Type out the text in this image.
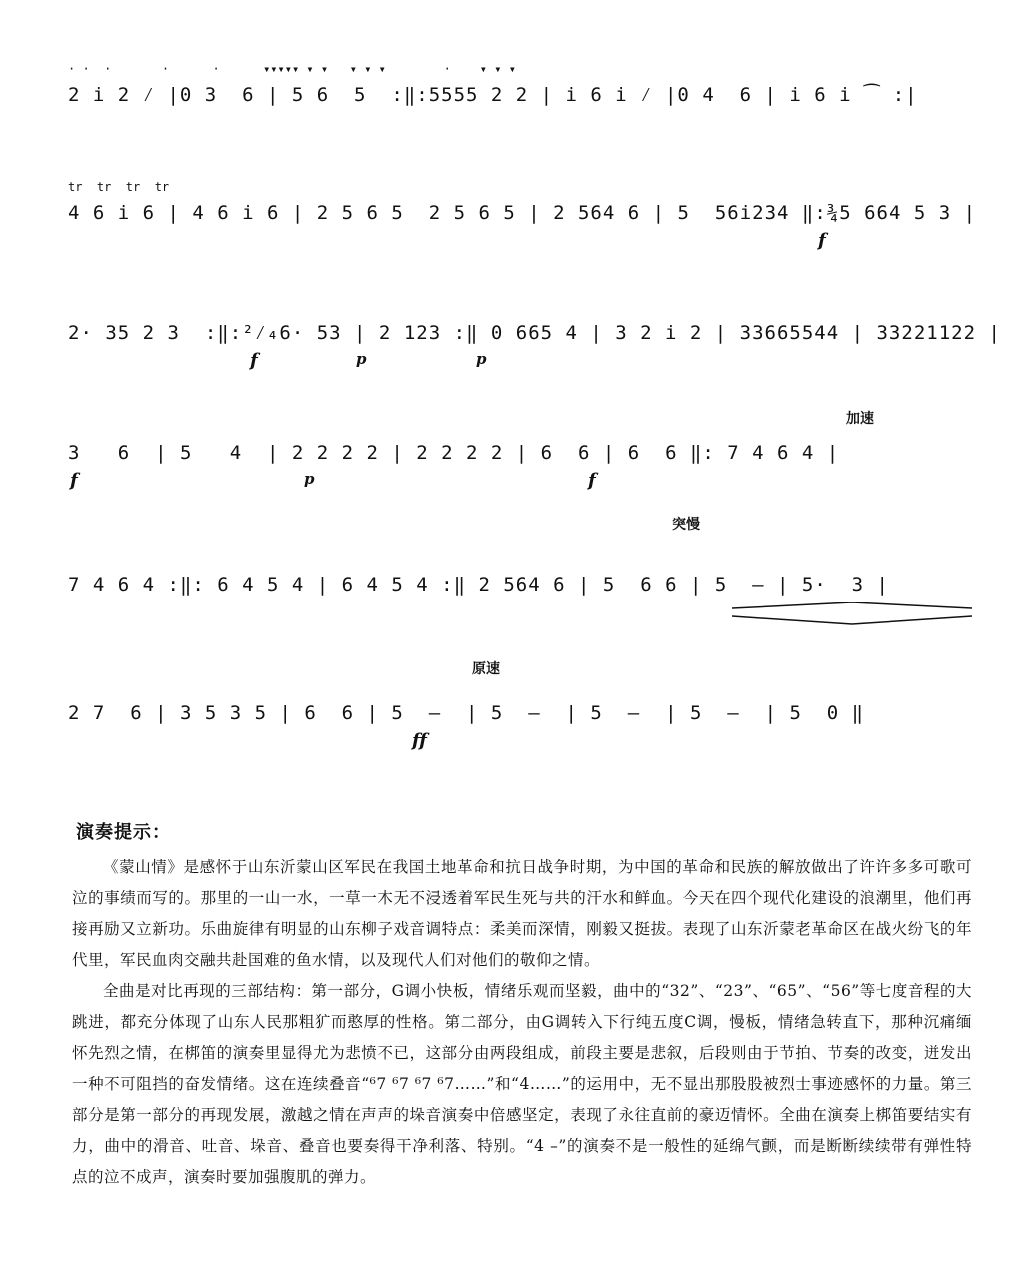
· ·  ·       ·      ·      ▾▾▾▾▾ ▾ ▾   ▾ ▾ ▾        ·    ▾ ▾ ▾
2 i 2 ⁄ |0 3  6 | 5 6  5  :‖:5555 2 2 | i 6 i ⁄ |0 4  6 | i 6 i ⁀ :|
tr  tr  tr  tr
4 6 i 6 | 4 6 i 6 | 2 5 6 5  2 5 6 5 | 2 564 6 | 5  56i234 ‖:¾5 664 5 3 |
f
2· 35 2 3  :‖:²⁄₄6· 53 | 2 123 :‖ 0 665 4 | 3 2 i 2 | 33665544 | 33221122 |
f	p	p
加速
3   6  | 5   4  | 2 2 2 2 | 2 2 2 2 | 6  6 | 6  6 ‖: 7 4 6 4 |
f	p	f
突慢
7 4 6 4 :‖: 6 4 5 4 | 6 4 5 4 :‖ 2 564 6 | 5  6 6 | 5  — | 5·  3 |
原速
2 7  6 | 3 5 3 5 | 6  6 | 5  —  | 5  —  | 5  —  | 5  —  | 5  0 ‖
ff
演奏提示：

《蒙山情》是感怀于山东沂蒙山区军民在我国土地革命和抗日战争时期，为中国的革命和民族的解放做出了许许多多可歌可泣的事绩而写的。那里的一山一水，一草一木无不浸透着军民生死与共的汗水和鲜血。今天在四个现代化建设的浪潮里，他们再接再励又立新功。乐曲旋律有明显的山东柳子戏音调特点：柔美而深情，刚毅又挺拔。表现了山东沂蒙老革命区在战火纷飞的年代里，军民血肉交融共赴国难的鱼水情，以及现代人们对他们的敬仰之情。

全曲是对比再现的三部结构：第一部分，G调小快板，情绪乐观而坚毅，曲中的“32”、“23”、“65”、“56”等七度音程的大跳进，都充分体现了山东人民那粗犷而憨厚的性格。第二部分，由G调转入下行纯五度C调，慢板，情绪急转直下，那种沉痛缅怀先烈之情，在梆笛的演奏里显得尤为悲愤不已，这部分由两段组成，前段主要是悲叙，后段则由于节拍、节奏的改变，迸发出一种不可阻挡的奋发情绪。这在连续叠音“⁶7 ⁶7 ⁶7 ⁶7……”和“4……”的运用中，无不显出那股股被烈士事迹感怀的力量。第三部分是第一部分的再现发展，激越之情在声声的垛音演奏中倍感坚定，表现了永往直前的豪迈情怀。全曲在演奏上梆笛要结实有力，曲中的滑音、吐音、垛音、叠音也要奏得干净利落、特别。“4 –”的演奏不是一般性的延绵气颤，而是断断续续带有弹性特点的泣不成声，演奏时要加强腹肌的弹力。
